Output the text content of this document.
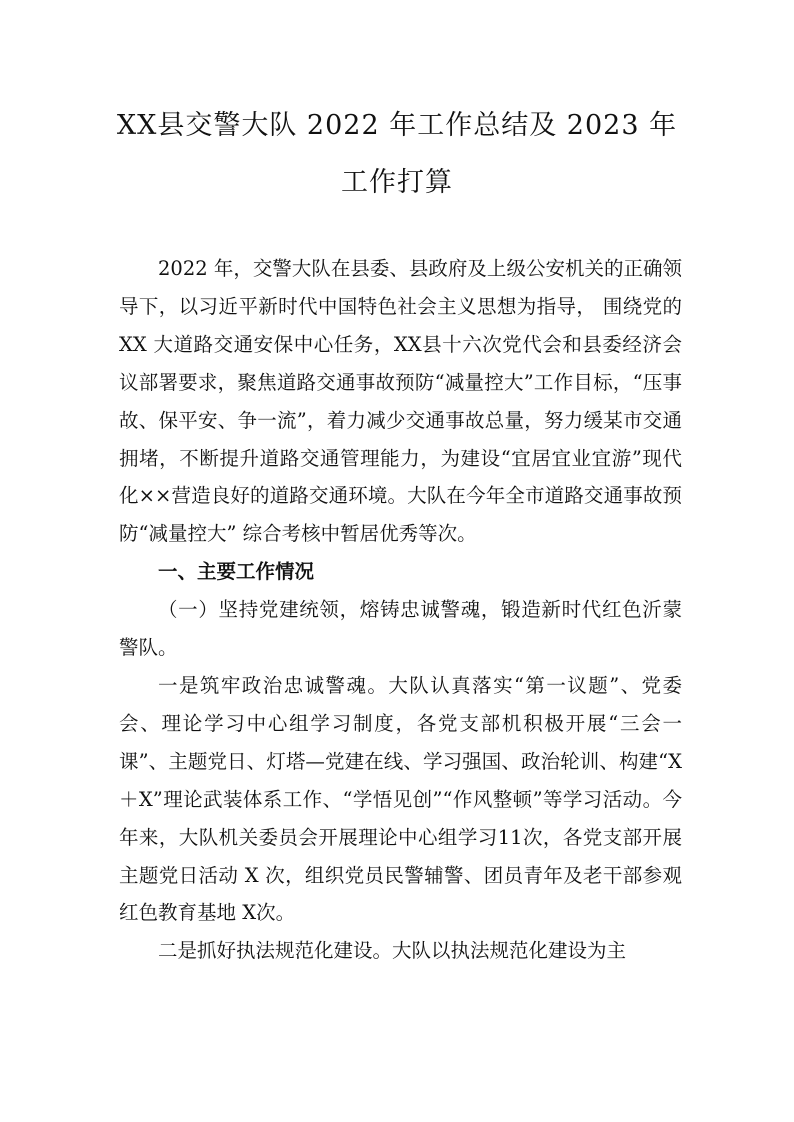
XX县交警大队 2022 年工作总结及 2023 年
工作打算

2022 年，交警大队在县委、县政府及上级公安机关的正确领导下，以习近平新时代中国特色社会主义思想为指导， 围绕党的 XX 大道路交通安保中心任务，XX县十六次党代会和县委经济会议部署要求，聚焦道路交通事故预防“减量控大”工作目标，“压事故、保平安、争一流”，着力减少交通事故总量，努力缓某市交通拥堵，不断提升道路交通管理能力，为建设“宜居宜业宜游”现代化××营造良好的道路交通环境。大队在今年全市道路交通事故预防“减量控大” 综合考核中暂居优秀等次。

一、主要工作情况

（一）坚持党建统领，熔铸忠诚警魂，锻造新时代红色沂蒙警队。

一是筑牢政治忠诚警魂。大队认真落实“第一议题”、党委会、理论学习中心组学习制度，各党支部机积极开展“三会一课”、主题党日、灯塔—党建在线、学习强国、政治轮训、构建“X＋X”理论武装体系工作、“学悟见创”“作风整顿”等学习活动。今年来，大队机关委员会开展理论中心组学习11次，各党支部开展主题党日活动 X 次，组织党员民警辅警、团员青年及老干部参观红色教育基地 X次。

二是抓好执法规范化建设。大队以执法规范化建设为主
